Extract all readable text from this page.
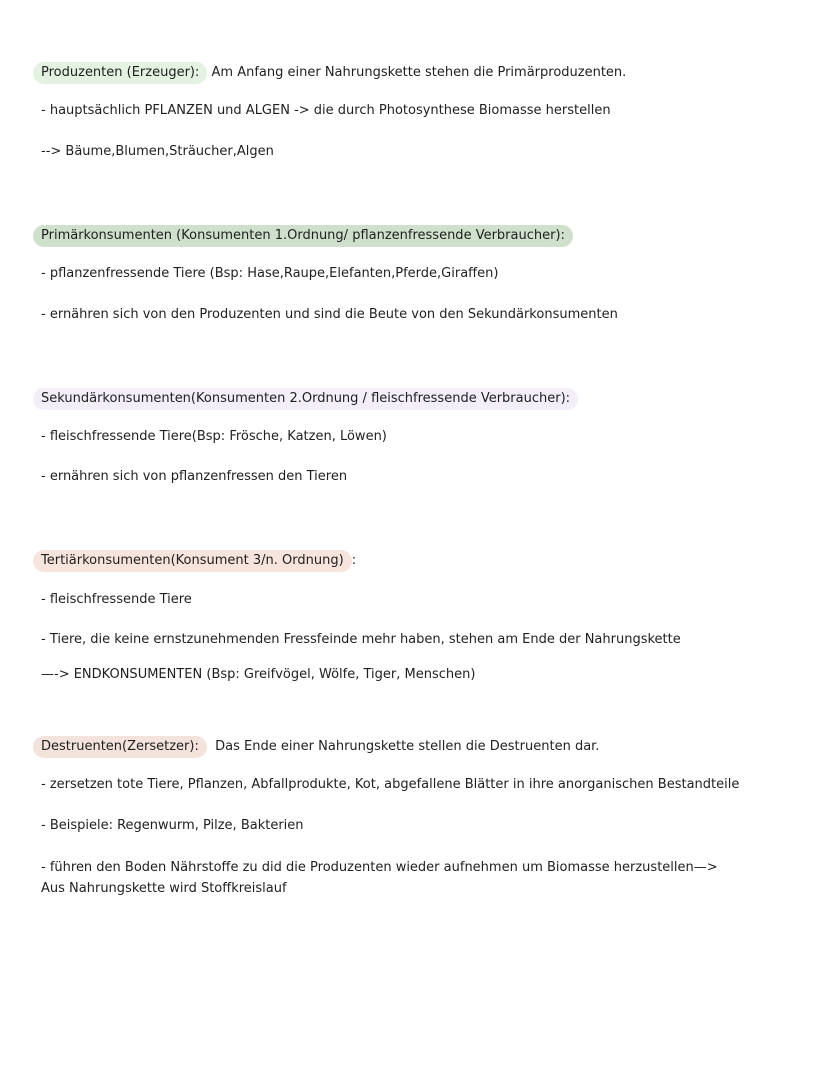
Produzenten (Erzeuger): Am Anfang einer Nahrungskette stehen die Primärproduzenten.
- hauptsächlich PFLANZEN und ALGEN -> die durch Photosynthese Biomasse herstellen
--> Bäume,Blumen,Sträucher,Algen
Primärkonsumenten (Konsumenten 1.Ordnung/ pflanzenfressende Verbraucher):
- pflanzenfressende Tiere (Bsp: Hase,Raupe,Elefanten,Pferde,Giraffen)
- ernähren sich von den Produzenten und sind die Beute von den Sekundärkonsumenten
Sekundärkonsumenten(Konsumenten 2.Ordnung / fleischfressende Verbraucher):
- fleischfressende Tiere(Bsp: Frösche, Katzen, Löwen)
- ernähren sich von pflanzenfressen den Tieren
Tertiärkonsumenten(Konsument 3/n. Ordnung) :
- fleischfressende Tiere
- Tiere, die keine ernstzunehmenden Fressfeinde mehr haben, stehen am Ende der Nahrungskette
—-> ENDKONSUMENTEN (Bsp: Greifvögel, Wölfe, Tiger, Menschen)
Destruenten(Zersetzer):  Das Ende einer Nahrungskette stellen die Destruenten dar.
- zersetzen tote Tiere, Pflanzen, Abfallprodukte, Kot, abgefallene Blätter in ihre anorganischen Bestandteile
- Beispiele: Regenwurm, Pilze, Bakterien
- führen den Boden Nährstoffe zu did die Produzenten wieder aufnehmen um Biomasse herzustellen—> Aus Nahrungskette wird Stoffkreislauf
